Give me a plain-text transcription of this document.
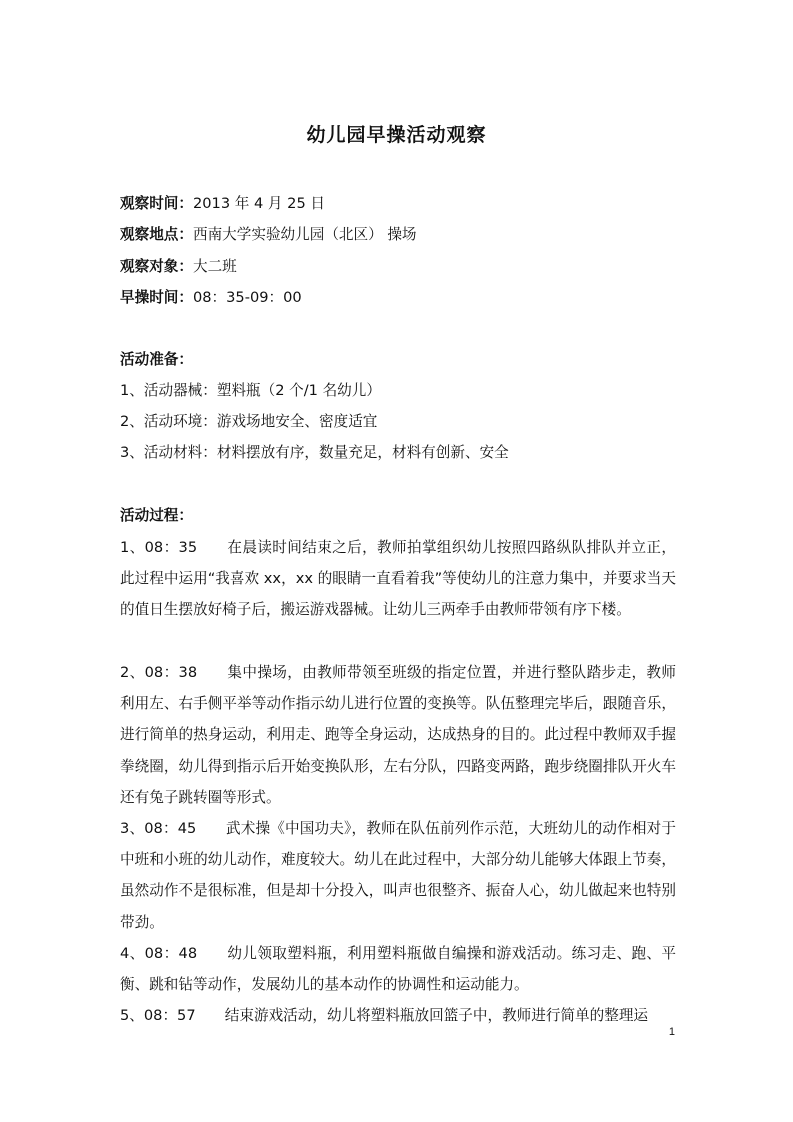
幼儿园早操活动观察
观察时间：2013 年 4 月 25 日
观察地点：西南大学实验幼儿园（北区） 操场
观察对象：大二班
早操时间：08：35-09：00
活动准备：
1、活动器械：塑料瓶（2 个/1 名幼儿）
2、活动环境：游戏场地安全、密度适宜
3、活动材料：材料摆放有序，数量充足，材料有创新、安全
活动过程：
1、08：35　　在晨读时间结束之后，教师拍掌组织幼儿按照四路纵队排队并立正，此过程中运用“我喜欢 xx，xx 的眼睛一直看着我”等使幼儿的注意力集中，并要求当天的值日生摆放好椅子后，搬运游戏器械。让幼儿三两牵手由教师带领有序下楼。
2、08：38　　集中操场，由教师带领至班级的指定位置，并进行整队踏步走，教师利用左、右手侧平举等动作指示幼儿进行位置的变换等。队伍整理完毕后，跟随音乐，进行简单的热身运动，利用走、跑等全身运动，达成热身的目的。此过程中教师双手握拳绕圈，幼儿得到指示后开始变换队形，左右分队，四路变两路，跑步绕圈排队开火车还有兔子跳转圈等形式。
3、08：45　　武术操《中国功夫》，教师在队伍前列作示范，大班幼儿的动作相对于中班和小班的幼儿动作，难度较大。幼儿在此过程中，大部分幼儿能够大体跟上节奏，虽然动作不是很标准，但是却十分投入，叫声也很整齐、振奋人心，幼儿做起来也特别带劲。
4、08：48　　幼儿领取塑料瓶，利用塑料瓶做自编操和游戏活动。练习走、跑、平衡、跳和钻等动作，发展幼儿的基本动作的协调性和运动能力。
5、08：57　　结束游戏活动，幼儿将塑料瓶放回篮子中，教师进行简单的整理运
1
